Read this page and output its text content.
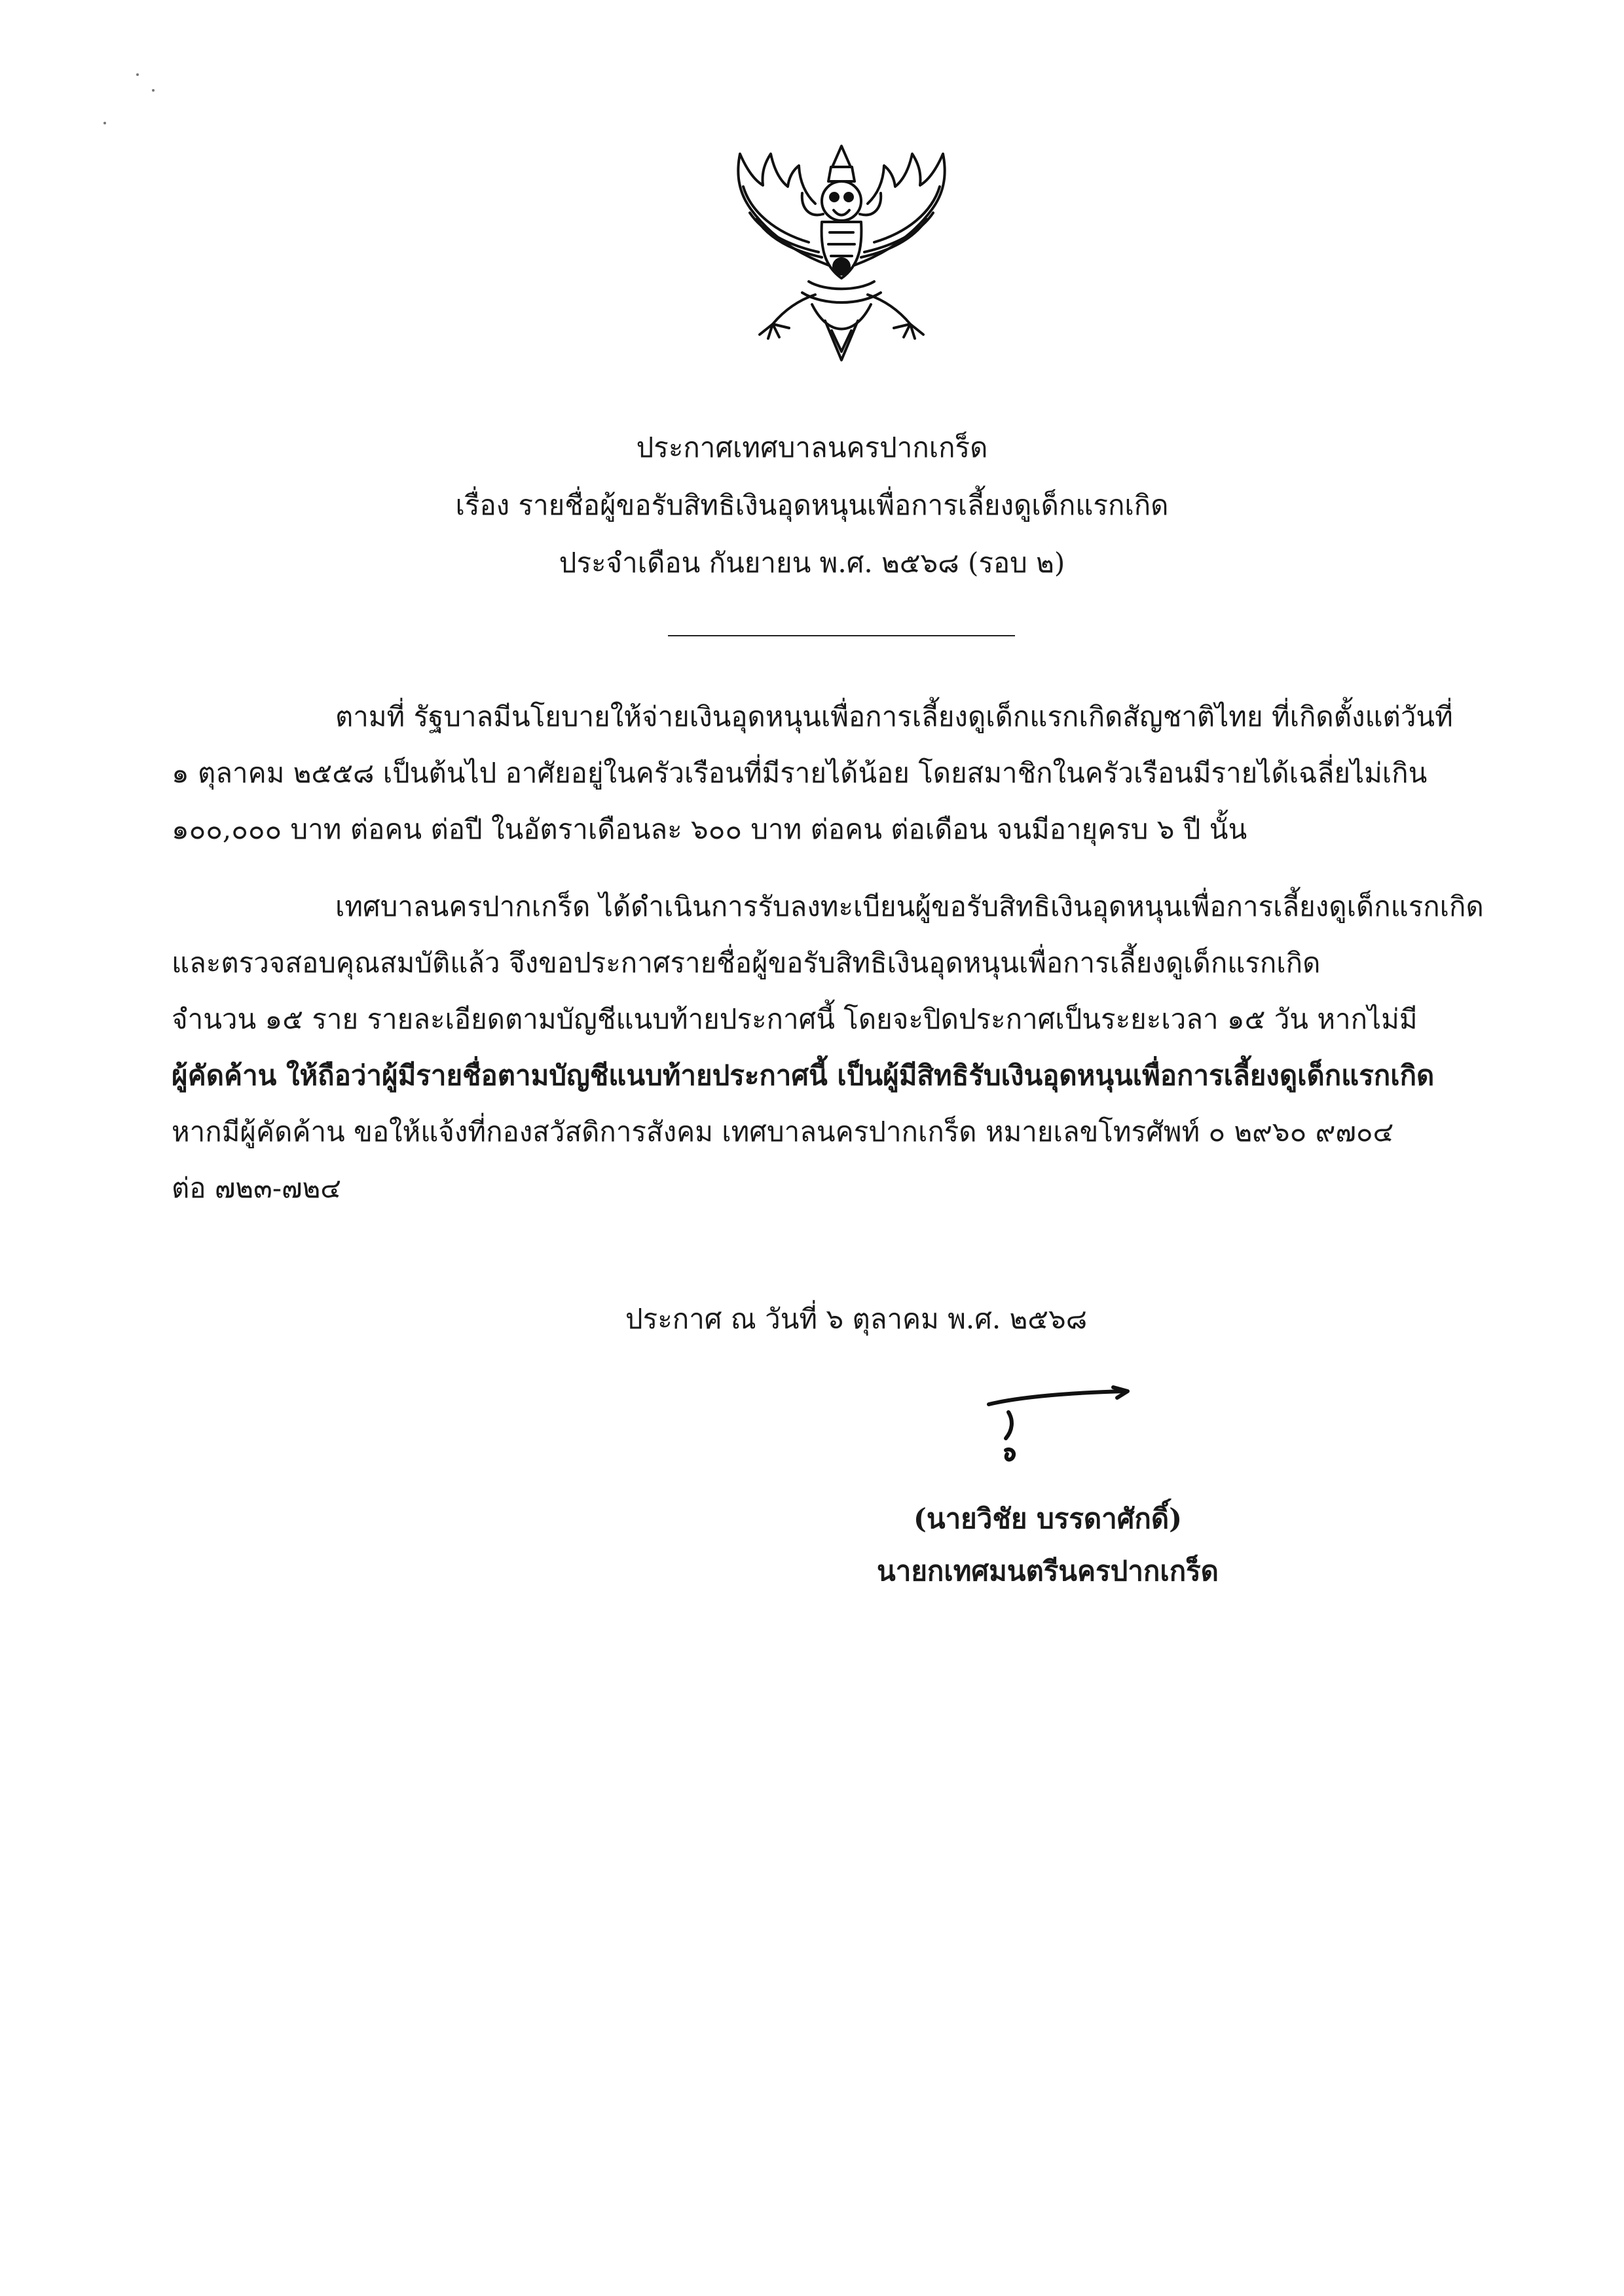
ประกาศเทศบาลนครปากเกร็ด
เรื่อง รายชื่อผู้ขอรับสิทธิเงินอุดหนุนเพื่อการเลี้ยงดูเด็กแรกเกิด
ประจำเดือน กันยายน พ.ศ. ๒๕๖๘ (รอบ ๒)
ตามที่ รัฐบาลมีนโยบายให้จ่ายเงินอุดหนุนเพื่อการเลี้ยงดูเด็กแรกเกิดสัญชาติไทย ที่เกิดตั้งแต่วันที่
๑ ตุลาคม ๒๕๕๘ เป็นต้นไป อาศัยอยู่ในครัวเรือนที่มีรายได้น้อย โดยสมาชิกในครัวเรือนมีรายได้เฉลี่ยไม่เกิน
๑๐๐,๐๐๐ บาท ต่อคน ต่อปี ในอัตราเดือนละ ๖๐๐ บาท ต่อคน ต่อเดือน จนมีอายุครบ ๖ ปี นั้น
เทศบาลนครปากเกร็ด ได้ดำเนินการรับลงทะเบียนผู้ขอรับสิทธิเงินอุดหนุนเพื่อการเลี้ยงดูเด็กแรกเกิด
และตรวจสอบคุณสมบัติแล้ว จึงขอประกาศรายชื่อผู้ขอรับสิทธิเงินอุดหนุนเพื่อการเลี้ยงดูเด็กแรกเกิด
จำนวน ๑๕ ราย รายละเอียดตามบัญชีแนบท้ายประกาศนี้ โดยจะปิดประกาศเป็นระยะเวลา ๑๕ วัน หากไม่มี
ผู้คัดค้าน ให้ถือว่าผู้มีรายชื่อตามบัญชีแนบท้ายประกาศนี้ เป็นผู้มีสิทธิรับเงินอุดหนุนเพื่อการเลี้ยงดูเด็กแรกเกิด
หากมีผู้คัดค้าน ขอให้แจ้งที่กองสวัสดิการสังคม เทศบาลนครปากเกร็ด หมายเลขโทรศัพท์ ๐ ๒๙๖๐ ๙๗๐๔
ต่อ ๗๒๓-๗๒๔
ประกาศ ณ วันที่ ๖ ตุลาคม พ.ศ. ๒๕๖๘
(นายวิชัย บรรดาศักดิ์)
นายกเทศมนตรีนครปากเกร็ด
